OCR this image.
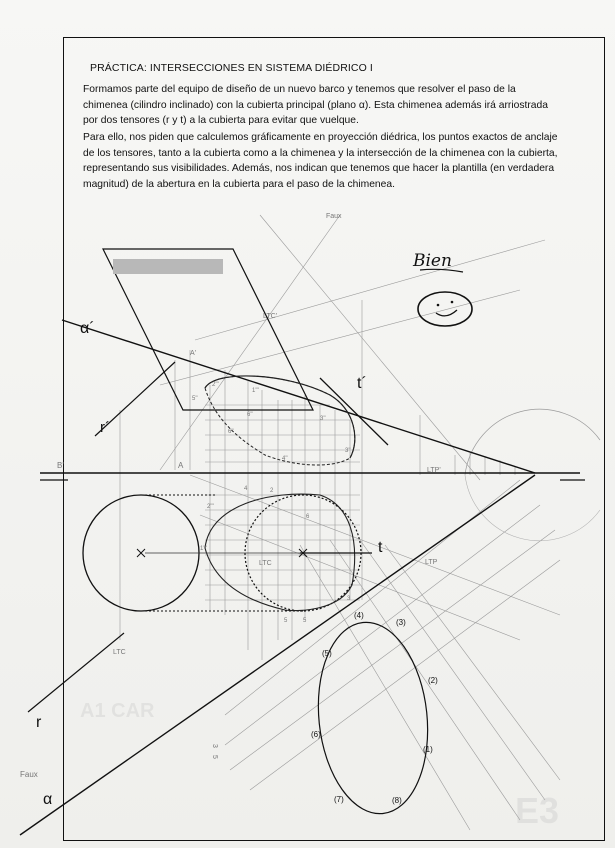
E3
A1 CAR
PRÁCTICA: INTERSECCIONES EN SISTEMA DIÉDRICO I

Formamos parte del equipo de diseño de un nuevo barco y tenemos que resolver el paso de la chimenea (cilindro inclinado) con la cubierta principal (plano α). Esta chimenea además irá arriostrada por dos tensores (r y t) a la cubierta para evitar que vuelque.

Para ello, nos piden que calculemos gráficamente en proyección diédrica, los puntos exactos de anclaje de los tensores, tanto a la cubierta como a la chimenea y la intersección de la chimenea con la cubierta, representando sus visibilidades. Además, nos indican que tenemos que hacer la plantilla (en verdadera magnitud) de la abertura en la cubierta para el paso de la chimenea.

α´
α
r´
r
t´
t
Faux
Faux
LTC'
LTP'
LTC	LTP
LTC
B'
A'
A
2'''
1'''
6''
4''
3''
5''
6''
3''
4
2'''
1'''
6
3
5	5
2
(4)
(3)
(5)
(2)
(6)
(1)
(7)	(8)
3
5
Bien
